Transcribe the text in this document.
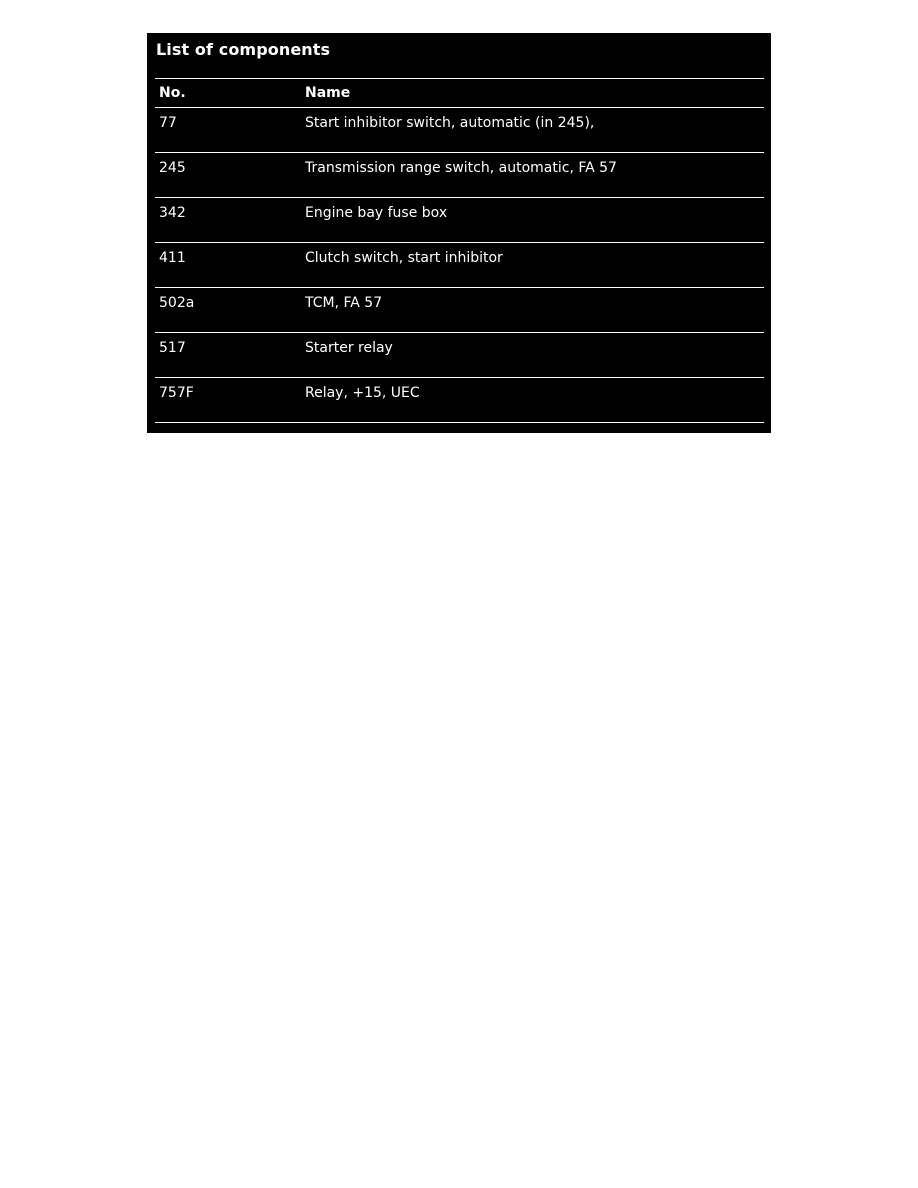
List of components
No.	Name
77	Start inhibitor switch, automatic (in 245),
245	Transmission range switch, automatic, FA 57
342	Engine bay fuse box
411	Clutch switch, start inhibitor
502a	TCM, FA 57
517	Starter relay
757F	Relay, +15, UEC
